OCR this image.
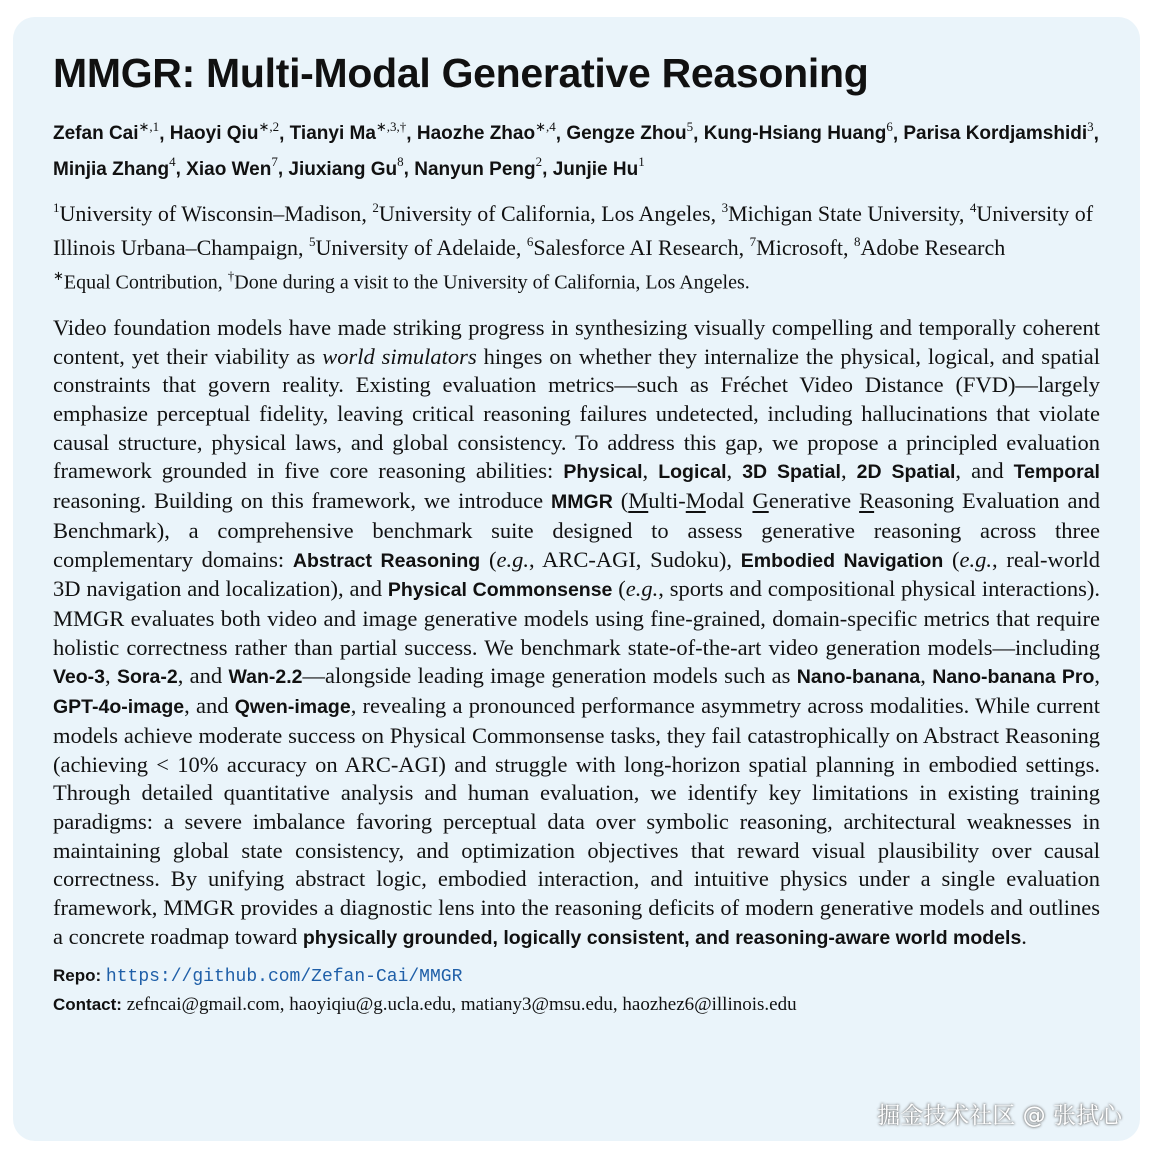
MMGR: Multi-Modal Generative Reasoning
Zefan Cai$^{∗,1}$, Haoyi Qiu$^{∗,2}$, Tianyi $Ma^{∗,3,\dagger}$, Haozhe Zhao$^{∗,4}$, Gengze Zhou$^5$, Kung-Hsiang Huang$^6$, Parisa Kordjamshidi$^3$, Minjia Zhang$^4$, Xiao Wen$^7$, Jiuxiang Gu$^8$, Nanyun Peng$^2$, Junjie Hu$^1$
$^1$University of Wisconsin–Madison, $^2$University of California, Los Angeles, $^3$Michigan State University, $^4$University of Illinois Urbana–Champaign, $^5$University of Adelaide, $^6$Salesforce AI Research, $^7$Microsoft, $^8$Adobe Research
∗Equal Contribution, †Done during a visit to the University of California, Los Angeles.

Video foundation models have made striking progress in synthesizing visually compelling and temporally coherent content, yet their viability as world simulators hinges on whether they internalize the physical, logical, and spatial constraints that govern reality. Existing evaluation metrics—such as Fréchet Video Distance (FVD)—largely emphasize perceptual fidelity, leaving critical reasoning failures undetected, including hallucinations that violate causal structure, physical laws, and global consistency. To address this gap, we propose a principled evaluation framework grounded in five core reasoning abilities: Physical, Logical, 3D Spatial, 2D Spatial, and Temporal reasoning. Building on this framework, we introduce MMGR (Multi-Modal Generative Reasoning Evaluation and Benchmark), a comprehensive benchmark suite designed to assess generative reasoning across three complementary domains: Abstract Reasoning (e.g., ARC-AGI, Sudoku), Embodied Navigation (e.g., real-world 3D navigation and localization), and Physical Commonsense (e.g., sports and compositional physical interactions). MMGR evaluates both video and image generative models using fine-grained, domain-specific metrics that require holistic correctness rather than partial success. We benchmark state-of-the-art video generation models—including Veo-3, Sora-2, and Wan-2.2—alongside leading image generation models such as Nano-banana, Nano-banana Pro, GPT-4o-image, and Qwen-image, revealing a pronounced performance asymmetry across modalities. While current models achieve moderate success on Physical Commonsense tasks, they fail catastrophically on Abstract Reasoning (achieving < 10% accuracy on ARC-AGI) and struggle with long-horizon spatial planning in embodied settings. Through detailed quantitative analysis and human evaluation, we identify key limitations in existing training paradigms: a severe imbalance favoring perceptual data over symbolic reasoning, architectural weaknesses in maintaining global state consistency, and optimization objectives that reward visual plausibility over causal correctness. By unifying abstract logic, embodied interaction, and intuitive physics under a single evaluation framework, MMGR provides a diagnostic lens into the reasoning deficits of modern generative models and outlines a concrete roadmap toward physically grounded, logically consistent, and reasoning-aware world models.

Repo: https://github.com/Zefan-Cai/MMGR
Contact: zefncai@gmail.com, haoyiqiu@g.ucla.edu, matiany3@msu.edu, haozhez6@illinois.edu
掘金技术社区 @ 张拭心
